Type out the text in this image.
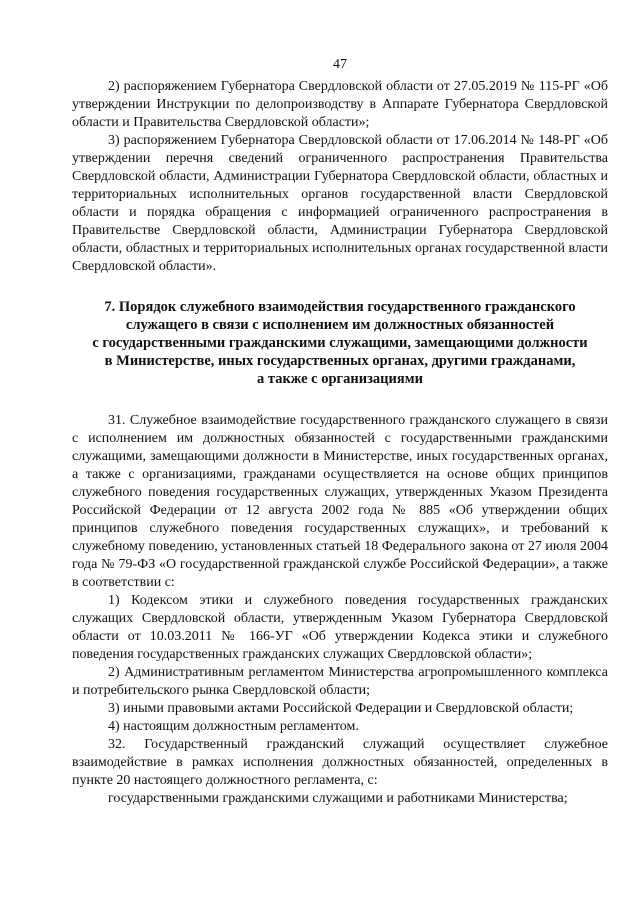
47

2) распоряжением Губернатора Свердловской области от 27.05.2019 № 115-РГ «Об утверждении Инструкции по делопроизводству в Аппарате Губернатора Свердловской области и Правительства Свердловской области»;

3) распоряжением Губернатора Свердловской области от 17.06.2014 № 148-РГ «Об утверждении перечня сведений ограниченного распространения Правительства Свердловской области, Администрации Губернатора Свердловской области, областных и территориальных исполнительных органов государственной власти Свердловской области и порядка обращения с информацией ограниченного распространения в Правительстве Свердловской области, Администрации Губернатора Свердловской области, областных и территориальных исполнительных органах государственной власти Свердловской области».

7. Порядок служебного взаимодействия государственного гражданского
служащего в связи с исполнением им должностных обязанностей
с государственными гражданскими служащими, замещающими должности
в Министерстве, иных государственных органах, другими гражданами,
а также с организациями

31. Служебное взаимодействие государственного гражданского служащего в связи с исполнением им должностных обязанностей с государственными гражданскими служащими, замещающими должности в Министерстве, иных государственных органах, а также с организациями, гражданами осуществляется на основе общих принципов служебного поведения государственных служащих, утвержденных Указом Президента Российской Федерации от 12 августа 2002 года № 885 «Об утверждении общих принципов служебного поведения государственных служащих», и требований к служебному поведению, установленных статьей 18 Федерального закона от 27 июля 2004 года № 79-ФЗ «О государственной гражданской службе Российской Федерации», а также в соответствии с:

1) Кодексом этики и служебного поведения государственных гражданских служащих Свердловской области, утвержденным Указом Губернатора Свердловской области от 10.03.2011 № 166-УГ «Об утверждении Кодекса этики и служебного поведения государственных гражданских служащих Свердловской области»;

2) Административным регламентом Министерства агропромышленного комплекса и потребительского рынка Свердловской области;

3) иными правовыми актами Российской Федерации и Свердловской области;

4) настоящим должностным регламентом.

32. Государственный гражданский служащий осуществляет служебное взаимодействие в рамках исполнения должностных обязанностей, определенных в пункте 20 настоящего должностного регламента, с:

государственными гражданскими служащими и работниками Министерства;
